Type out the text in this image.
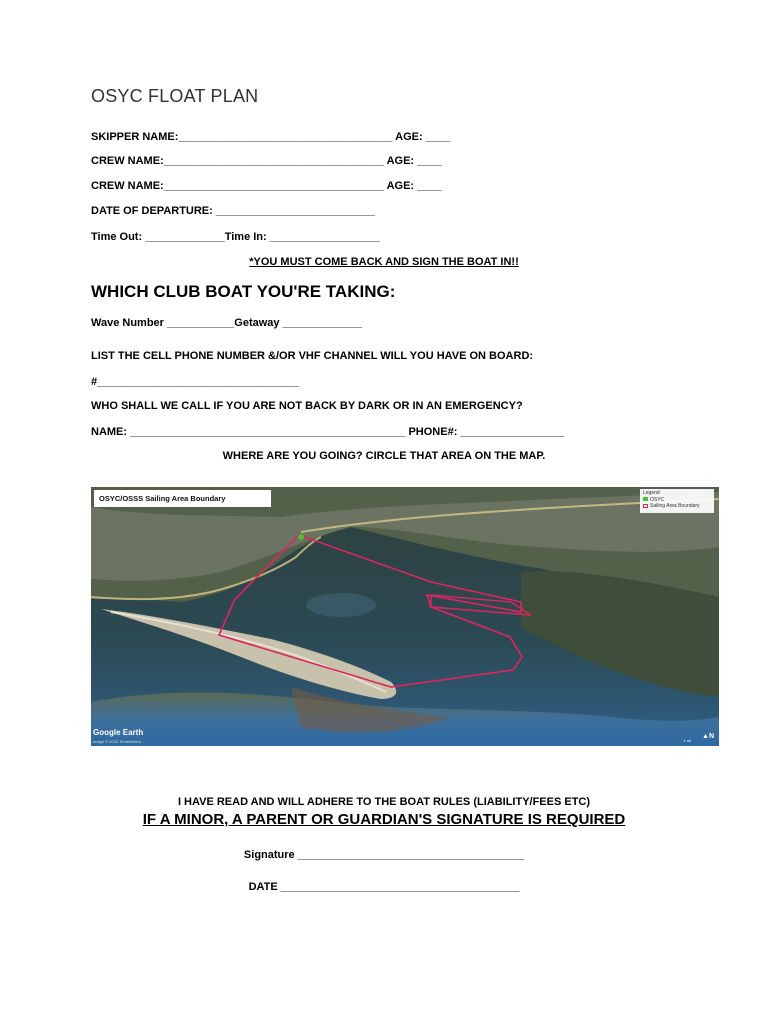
OSYC FLOAT PLAN
SKIPPER NAME:___________________________________ AGE: ____
CREW NAME:____________________________________ AGE: ____
CREW NAME:____________________________________ AGE: ____
DATE OF DEPARTURE: __________________________
Time Out: _____________Time In: __________________
*YOU MUST COME BACK AND SIGN THE BOAT IN!!
WHICH CLUB BOAT YOU'RE TAKING:
Wave Number ___________Getaway _____________
LIST THE CELL PHONE NUMBER &/OR VHF CHANNEL WILL YOU HAVE ON BOARD:
#_________________________________
WHO SHALL WE CALL IF YOU ARE NOT BACK BY DARK OR IN AN EMERGENCY?
NAME: _____________________________________________ PHONE#: _________________
WHERE ARE YOU GOING? CIRCLE THAT AREA ON THE MAP.
OSYC/OSSS Sailing Area Boundary
Legend
OSYC
Sailing Area Boundary
Google Earth
Image © 2022 TerraMetrics	1 mi
▲N
I HAVE READ AND WILL ADHERE TO THE BOAT RULES (LIABILITY/FEES ETC)
IF A MINOR, A PARENT OR GUARDIAN'S SIGNATURE IS REQUIRED
Signature _____________________________________
DATE _______________________________________
